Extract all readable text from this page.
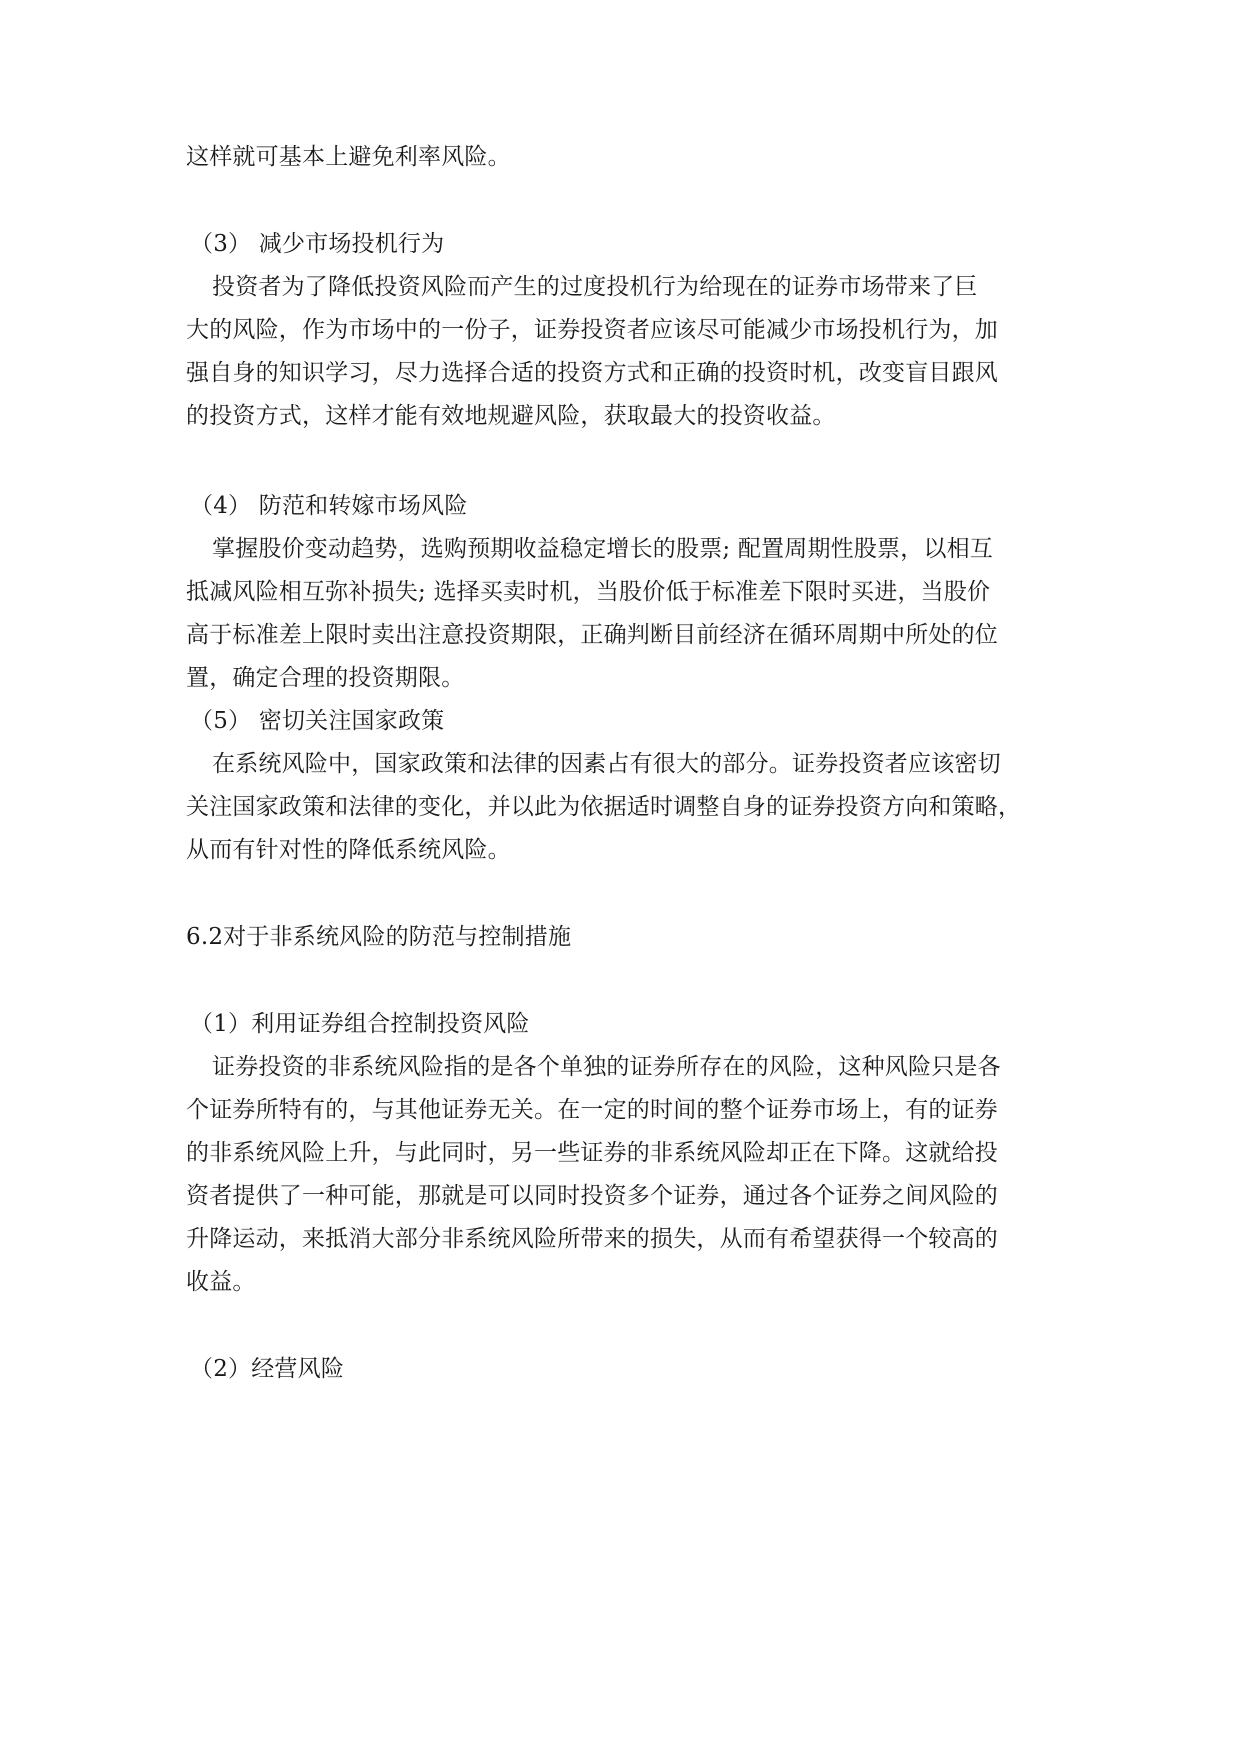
这样就可基本上避免利率风险。
（3） 减少市场投机行为
投资者为了降低投资风险而产生的过度投机行为给现在的证券市场带来了巨
大的风险，作为市场中的一份子，证券投资者应该尽可能减少市场投机行为，加
强自身的知识学习，尽力选择合适的投资方式和正确的投资时机，改变盲目跟风
的投资方式，这样才能有效地规避风险，获取最大的投资收益。
（4） 防范和转嫁市场风险
掌握股价变动趋势，选购预期收益稳定增长的股票; 配置周期性股票，以相互
抵减风险相互弥补损失; 选择买卖时机，当股价低于标准差下限时买进，当股价
高于标准差上限时卖出注意投资期限，正确判断目前经济在循环周期中所处的位
置，确定合理的投资期限。
（5） 密切关注国家政策
在系统风险中，国家政策和法律的因素占有很大的部分。证券投资者应该密切
关注国家政策和法律的变化，并以此为依据适时调整自身的证券投资方向和策略，
从而有针对性的降低系统风险。
6.2对于非系统风险的防范与控制措施
（1）利用证券组合控制投资风险
证券投资的非系统风险指的是各个单独的证券所存在的风险，这种风险只是各
个证券所特有的，与其他证券无关。在一定的时间的整个证券市场上，有的证券
的非系统风险上升，与此同时，另一些证券的非系统风险却正在下降。这就给投
资者提供了一种可能，那就是可以同时投资多个证券，通过各个证券之间风险的
升降运动，来抵消大部分非系统风险所带来的损失，从而有希望获得一个较高的
收益。
（2）经营风险
